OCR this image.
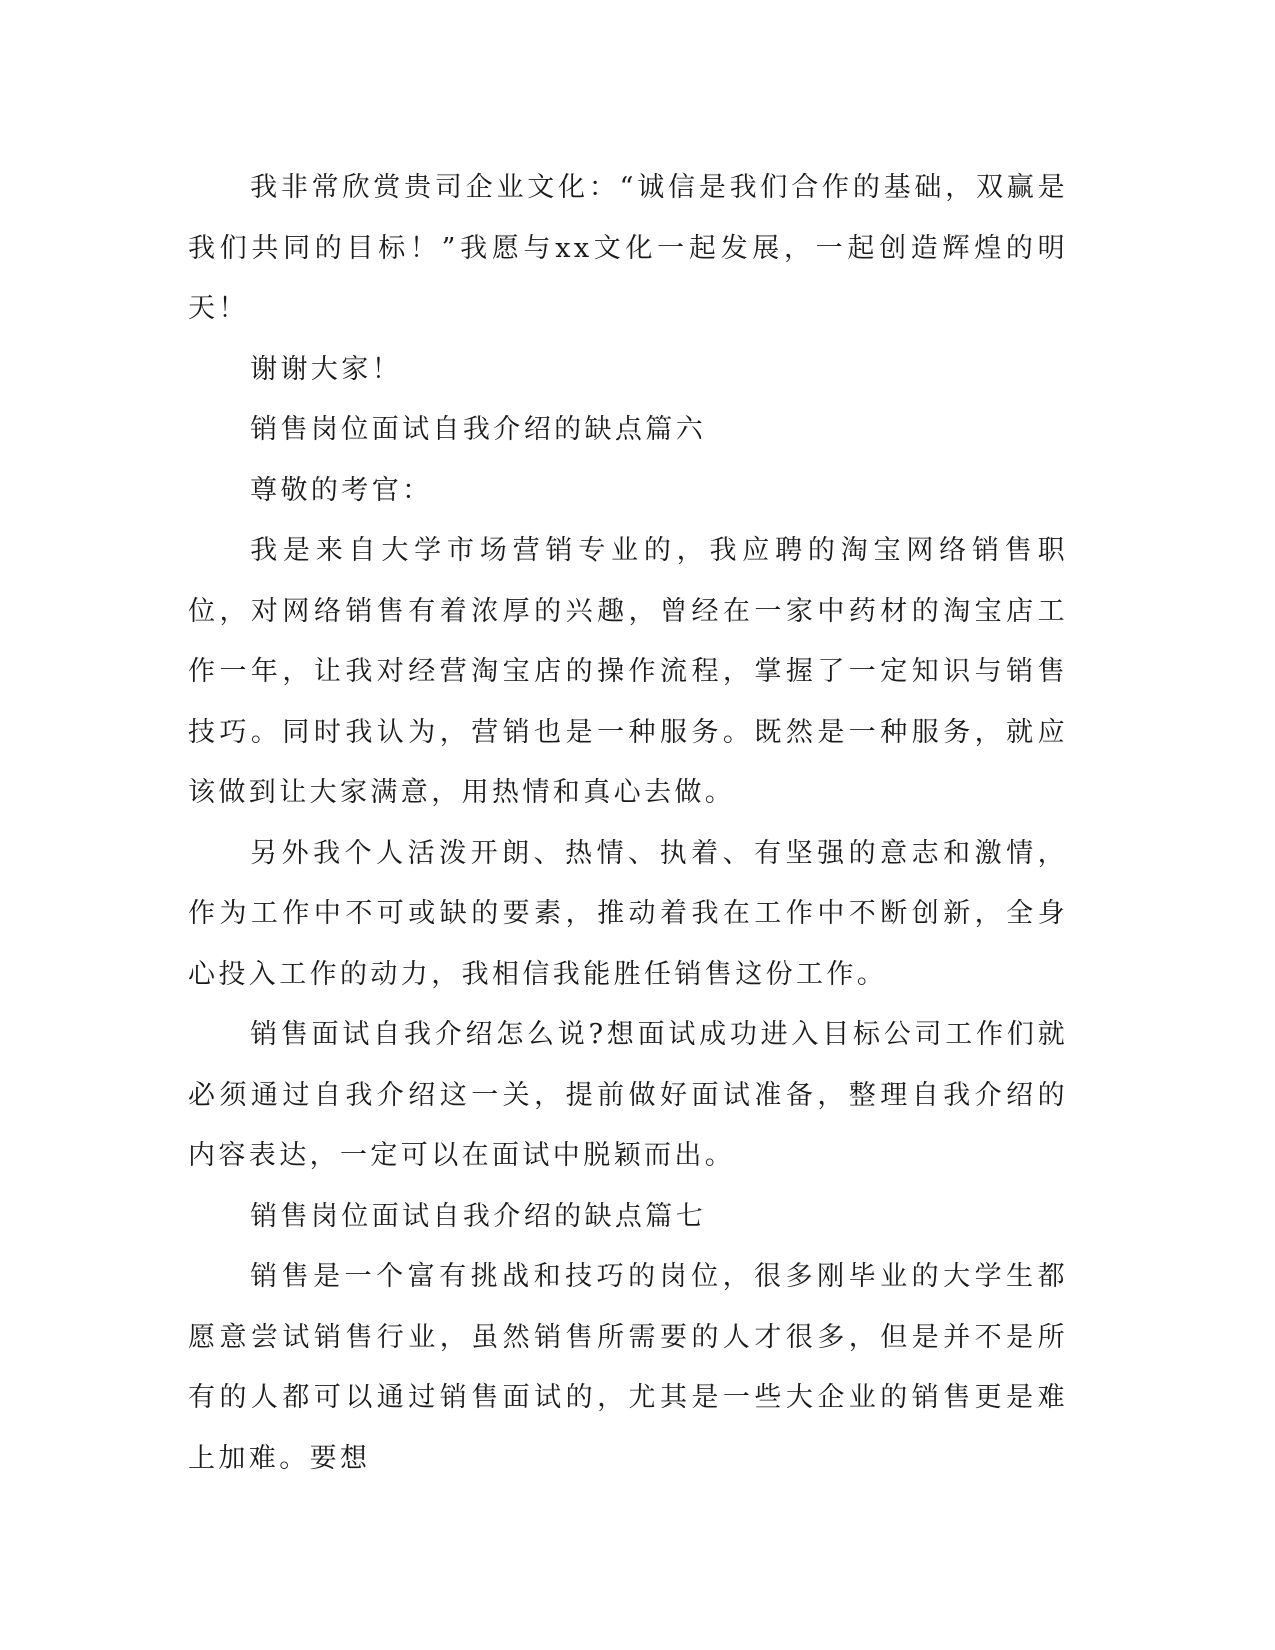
我非常欣赏贵司企业文化：“诚信是我们合作的基础，双赢是我们共同的目标！”我愿与xx文化一起发展，一起创造辉煌的明天！

谢谢大家！

销售岗位面试自我介绍的缺点篇六

尊敬的考官：

我是来自大学市场营销专业的，我应聘的淘宝网络销售职位，对网络销售有着浓厚的兴趣，曾经在一家中药材的淘宝店工作一年，让我对经营淘宝店的操作流程，掌握了一定知识与销售技巧。同时我认为，营销也是一种服务。既然是一种服务，就应该做到让大家满意，用热情和真心去做。

另外我个人活泼开朗、热情、执着、有坚强的意志和激情，作为工作中不可或缺的要素，推动着我在工作中不断创新，全身心投入工作的动力，我相信我能胜任销售这份工作。

销售面试自我介绍怎么说?想面试成功进入目标公司工作们就必须通过自我介绍这一关，提前做好面试准备，整理自我介绍的内容表达，一定可以在面试中脱颖而出。

销售岗位面试自我介绍的缺点篇七

销售是一个富有挑战和技巧的岗位，很多刚毕业的大学生都愿意尝试销售行业，虽然销售所需要的人才很多，但是并不是所有的人都可以通过销售面试的，尤其是一些大企业的销售更是难上加难。要想
